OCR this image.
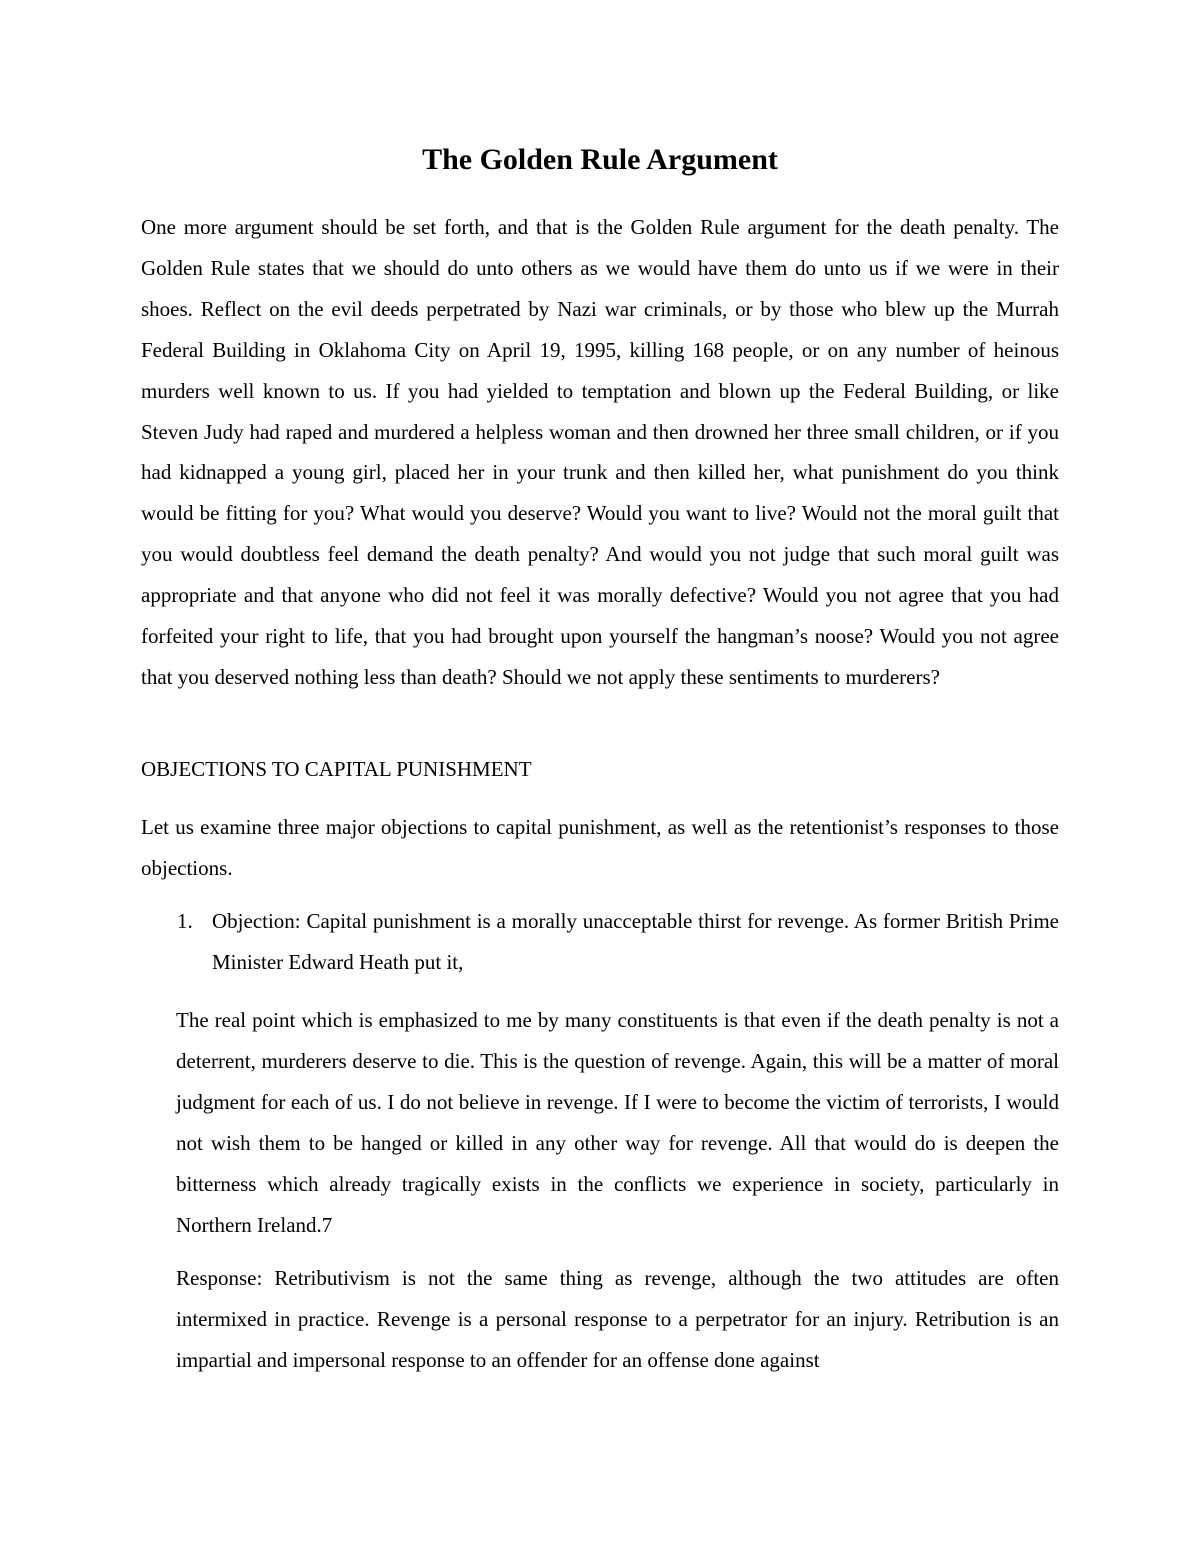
The Golden Rule Argument

One more argument should be set forth, and that is the Golden Rule argument for the death penalty. The Golden Rule states that we should do unto others as we would have them do unto us if we were in their shoes. Reflect on the evil deeds perpetrated by Nazi war criminals, or by those who blew up the Murrah Federal Building in Oklahoma City on April 19, 1995, killing 168 people, or on any number of heinous murders well known to us. If you had yielded to temptation and blown up the Federal Building, or like Steven Judy had raped and murdered a helpless woman and then drowned her three small children, or if you had kidnapped a young girl, placed her in your trunk and then killed her, what punishment do you think would be fitting for you? What would you deserve? Would you want to live? Would not the moral guilt that you would doubtless feel demand the death penalty? And would you not judge that such moral guilt was appropriate and that anyone who did not feel it was morally defective? Would you not agree that you had forfeited your right to life, that you had brought upon yourself the hangman’s noose? Would you not agree that you deserved nothing less than death? Should we not apply these sentiments to murderers?

OBJECTIONS TO CAPITAL PUNISHMENT

Let us examine three major objections to capital punishment, as well as the retentionist’s responses to those objections.

1. Objection: Capital punishment is a morally unacceptable thirst for revenge. As former British Prime Minister Edward Heath put it,

The real point which is emphasized to me by many constituents is that even if the death penalty is not a deterrent, murderers deserve to die. This is the question of revenge. Again, this will be a matter of moral judgment for each of us. I do not believe in revenge. If I were to become the victim of terrorists, I would not wish them to be hanged or killed in any other way for revenge. All that would do is deepen the bitterness which already tragically exists in the conflicts we experience in society, particularly in Northern Ireland.7

Response: Retributivism is not the same thing as revenge, although the two attitudes are often intermixed in practice. Revenge is a personal response to a perpetrator for an injury. Retribution is an impartial and impersonal response to an offender for an offense done against
